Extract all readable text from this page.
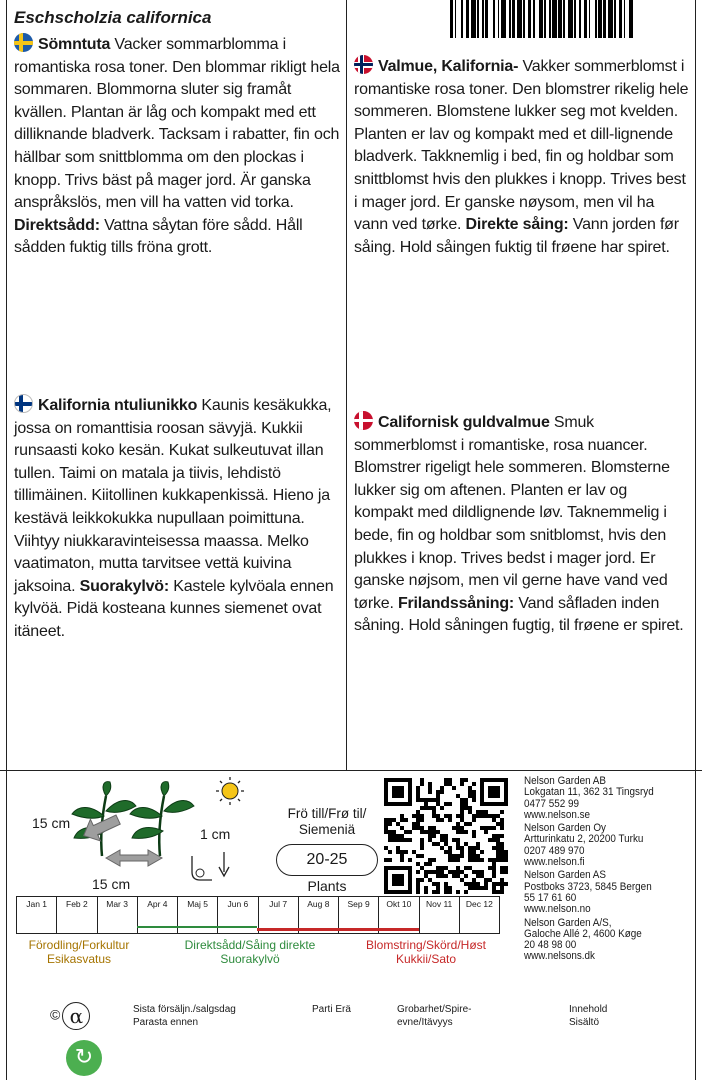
Eschscholzia californica
Sömntuta Vacker sommarblomma i romantiska rosa toner. Den blommar rikligt hela sommaren. Blommorna sluter sig framåt kvällen. Plantan är låg och kompakt med ett dilliknande bladverk. Tacksam i rabatter, fin och hällbar som snittblomma om den plockas i knopp. Trivs bäst på mager jord. Är ganska anspråkslös, men vill ha vatten vid torka. Direktsådd: Vattna såytan före sådd. Håll sådden fuktig tills fröna grott.
Valmue, Kalifornia- Vakker sommerblomst i romantiske rosa toner. Den blomstrer rikelig hele sommeren. Blomstene lukker seg mot kvelden. Planten er lav og kompakt med et dill-lignende bladverk. Takknemlig i bed, fin og holdbar som snittblomst hvis den plukkes i knopp. Trives best i mager jord. Er ganske nøysom, men vil ha vann ved tørke. Direkte såing: Vann jorden før såing. Hold såingen fuktig til frøene har spiret.
Kalifornia ntuliunikko Kaunis kesäkukka, jossa on romanttisia roosan sävyjä. Kukkii runsaasti koko kesän. Kukat sulkeutuvat illan tullen. Taimi on matala ja tiivis, lehdistö tillimäinen. Kiitollinen kukkapenkissä. Hieno ja kestävä leikkokukka nupullaan poimittuna. Viihtyy niukkaravinteisessa maassa. Melko vaatimaton, mutta tarvitsee vettä kuivina jaksoina. Suorakylvö: Kastele kylvöala ennen kylvöä. Pidä kosteana kunnes siemenet ovat itäneet.
Californisk guldvalmue Smuk sommerblomst i romantiske, rosa nuancer. Blomstrer rigeligt hele sommeren. Blomsterne lukker sig om aftenen. Planten er lav og kompakt med dildlignende løv. Taknemmelig i bede, fin og holdbar som snitblomst, hvis den plukkes i knop. Trives bedst i mager jord. Er ganske nøjsom, men vil gerne have vand ved tørke. Frilandssåning: Vand såfladen inden såning. Hold såningen fugtig, til frøene er spiret.
15 cm
1 cm
15 cm
Frö till/Frø til/ Siemeniä
20-25
Plants
Nelson Garden AB
Lokgatan 11, 362 31 Tingsryd
0477 552 99
www.nelson.se
Nelson Garden Oy
Artturinkatu 2, 20200 Turku
0207 489 970
www.nelson.fi
Nelson Garden AS
Postboks 3723, 5845 Bergen
55 17 61 60
www.nelson.no
Nelson Garden A/S,
Galoche Allé 2, 4600 Køge
20 48 98 00
www.nelsons.dk
Jan 1	Feb 2	Mar 3	Apr 4	Maj 5	Jun 6	Jul 7	Aug 8	Sep 9	Okt 10	Nov 11	Dec 12
Förodling/Forkultur Esikasvatus
Direktsådd/Såing direkte Suorakylvö
Blomstring/Skörd/Høst Kukkii/Sato
© α
↻
Sista försäljn./salgsdag Parasta ennen
Parti Erä	Grobarhet/Spire- evne/Itävyys
Innehold Sisältö
